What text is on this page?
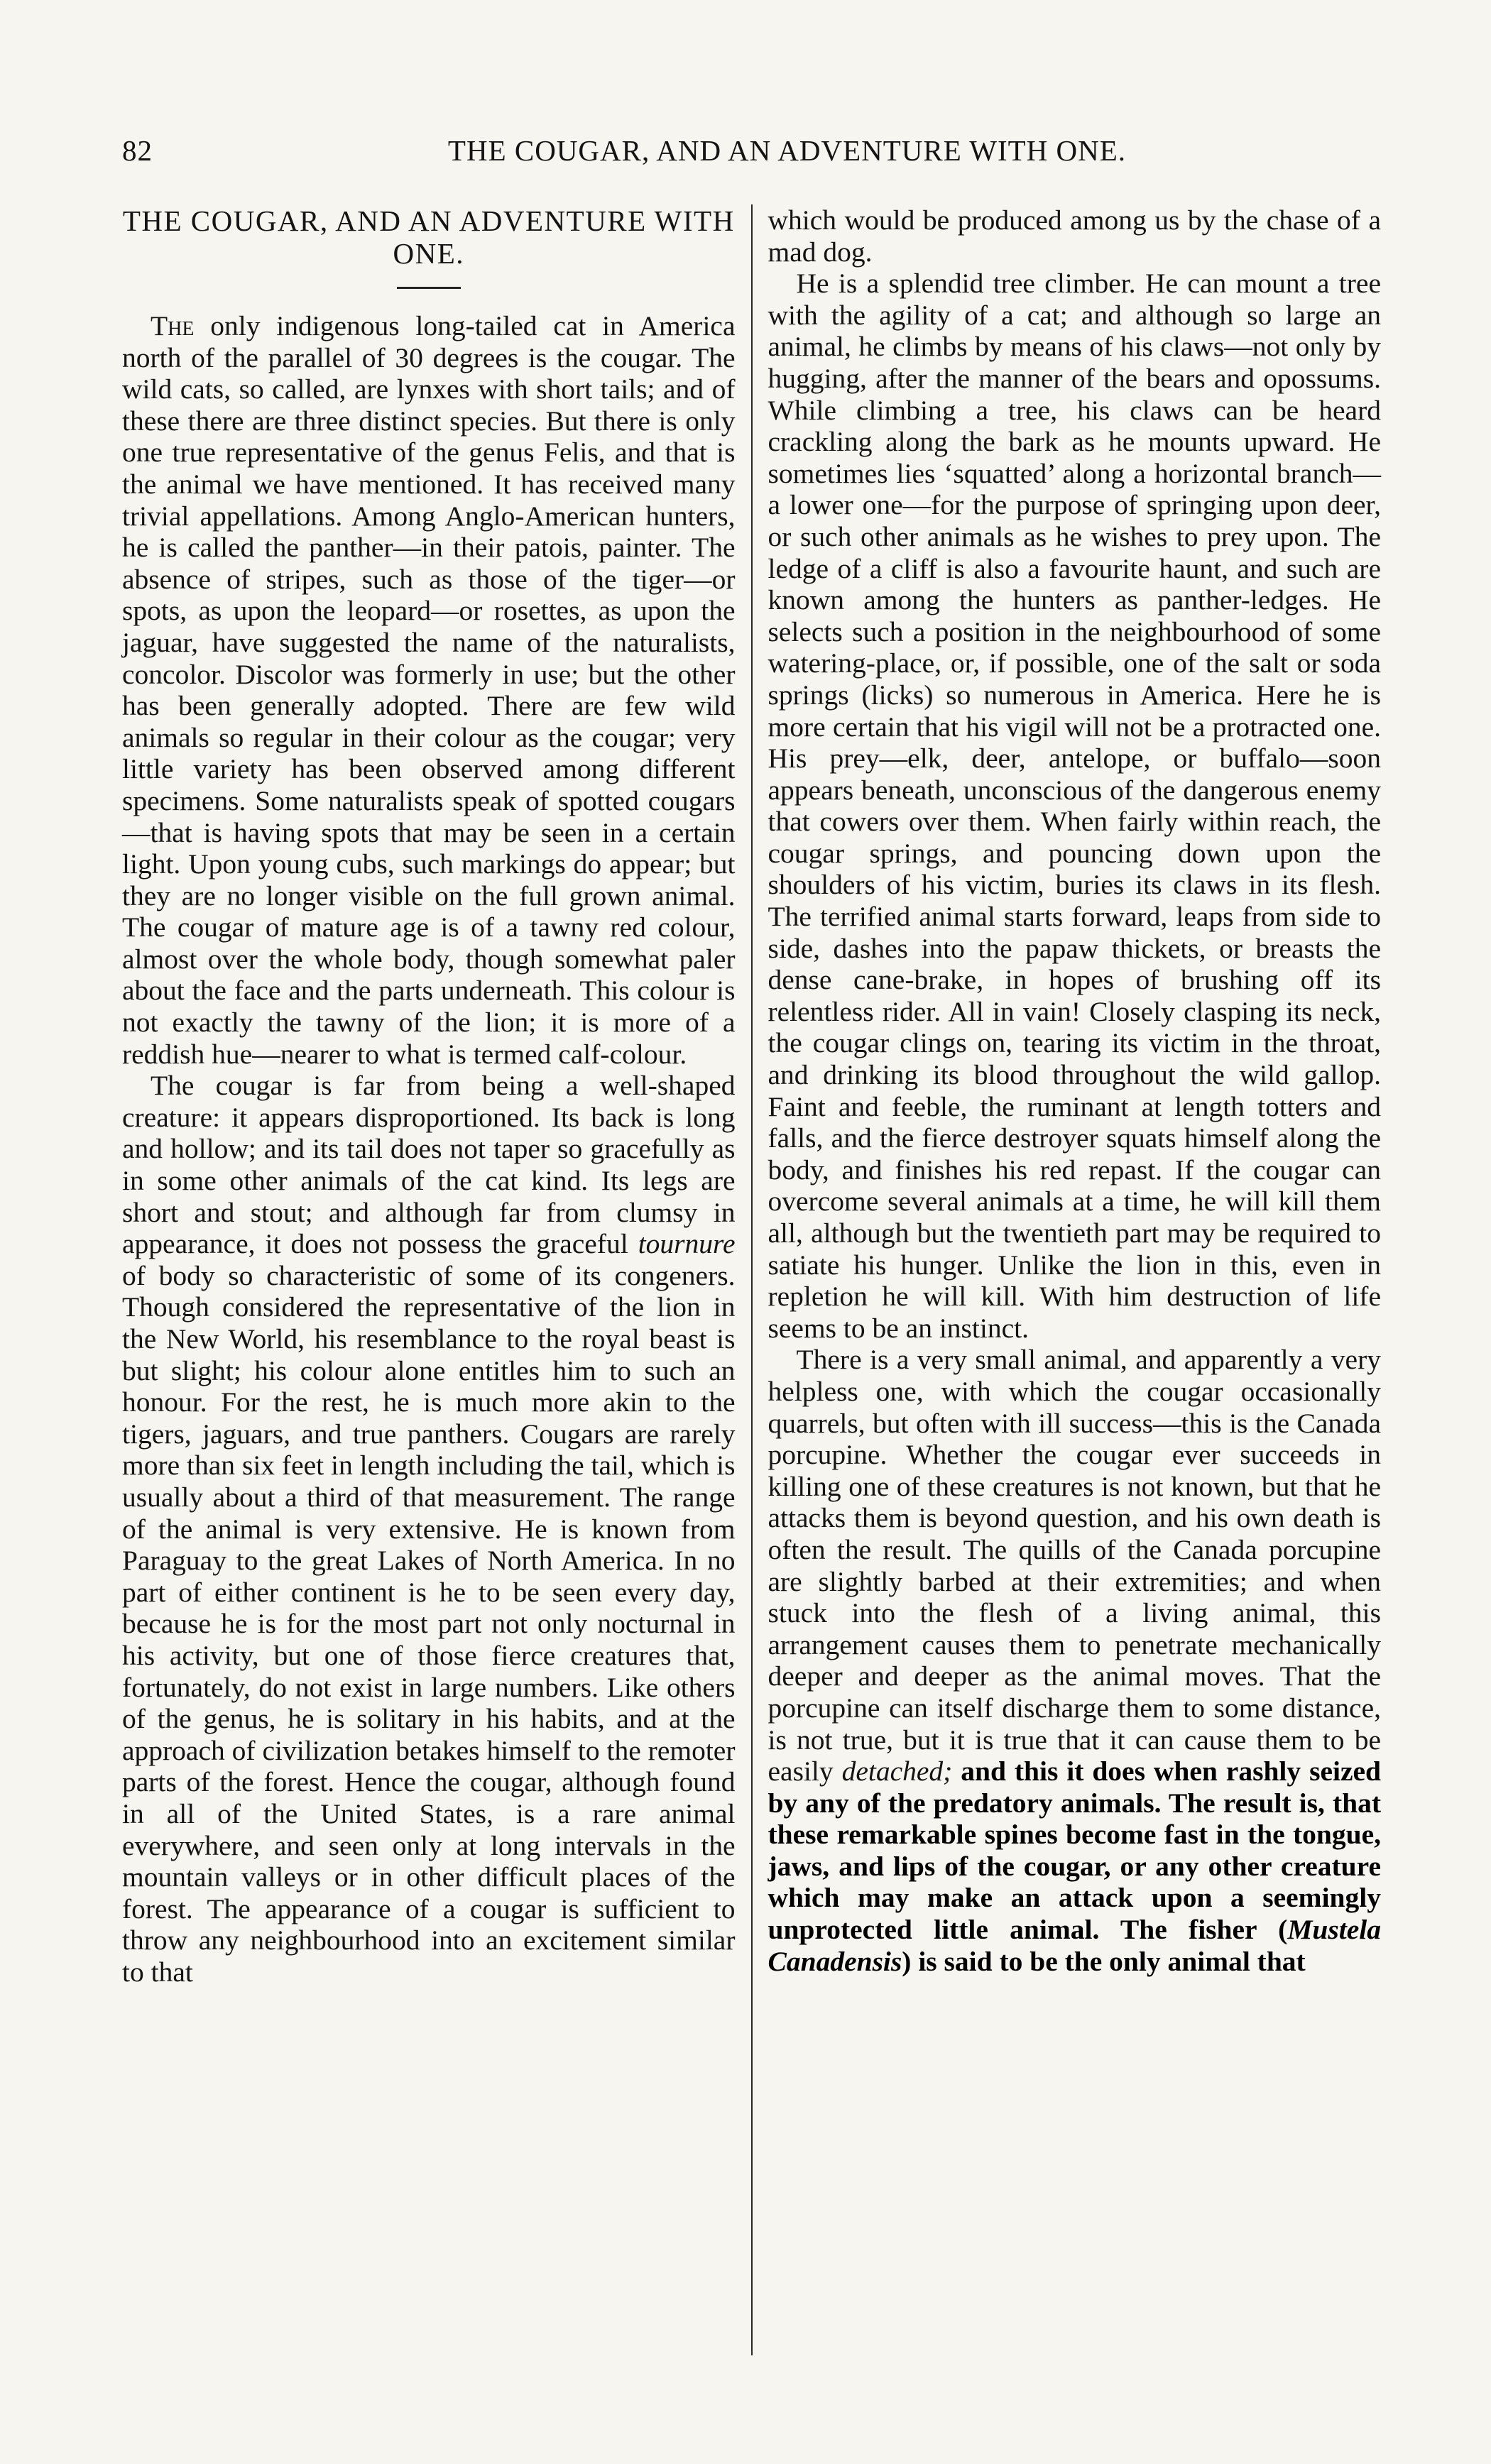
82	THE COUGAR, AND AN ADVENTURE WITH ONE.
THE COUGAR, AND AN ADVENTURE WITH ONE.

The only indigenous long-tailed cat in America north of the parallel of 30 degrees is the cougar. The wild cats, so called, are lynxes with short tails; and of these there are three distinct species. But there is only one true representative of the genus Felis, and that is the animal we have mentioned. It has received many trivial appellations. Among Anglo-American hunters, he is called the panther—in their patois, painter. The absence of stripes, such as those of the tiger—or spots, as upon the leopard—or rosettes, as upon the jaguar, have suggested the name of the naturalists, concolor. Discolor was formerly in use; but the other has been generally adopted. There are few wild animals so regular in their colour as the cougar; very little variety has been observed among different specimens. Some naturalists speak of spotted cougars—that is having spots that may be seen in a certain light. Upon young cubs, such markings do appear; but they are no longer visible on the full grown animal. The cougar of mature age is of a tawny red colour, almost over the whole body, though somewhat paler about the face and the parts underneath. This colour is not exactly the tawny of the lion; it is more of a reddish hue—nearer to what is termed calf-colour.

The cougar is far from being a well-shaped creature: it appears disproportioned. Its back is long and hollow; and its tail does not taper so gracefully as in some other animals of the cat kind. Its legs are short and stout; and although far from clumsy in appearance, it does not possess the graceful tournure of body so characteristic of some of its congeners. Though considered the representative of the lion in the New World, his resemblance to the royal beast is but slight; his colour alone entitles him to such an honour. For the rest, he is much more akin to the tigers, jaguars, and true panthers. Cougars are rarely more than six feet in length including the tail, which is usually about a third of that measurement. The range of the animal is very extensive. He is known from Paraguay to the great Lakes of North America. In no part of either continent is he to be seen every day, because he is for the most part not only nocturnal in his activity, but one of those fierce creatures that, fortunately, do not exist in large numbers. Like others of the genus, he is solitary in his habits, and at the approach of civilization betakes himself to the remoter parts of the forest. Hence the cougar, although found in all of the United States, is a rare animal everywhere, and seen only at long intervals in the mountain valleys or in other difficult places of the forest. The appearance of a cougar is sufficient to throw any neighbourhood into an excitement similar to that

which would be produced among us by the chase of a mad dog.

He is a splendid tree climber. He can mount a tree with the agility of a cat; and although so large an animal, he climbs by means of his claws—not only by hugging, after the manner of the bears and opossums. While climbing a tree, his claws can be heard crackling along the bark as he mounts upward. He sometimes lies ‘squatted’ along a horizontal branch—a lower one—for the purpose of springing upon deer, or such other animals as he wishes to prey upon. The ledge of a cliff is also a favourite haunt, and such are known among the hunters as panther-ledges. He selects such a position in the neighbourhood of some watering-place, or, if possible, one of the salt or soda springs (licks) so numerous in America. Here he is more certain that his vigil will not be a protracted one. His prey—elk, deer, antelope, or buffalo—soon appears beneath, unconscious of the dangerous enemy that cowers over them. When fairly within reach, the cougar springs, and pouncing down upon the shoulders of his victim, buries its claws in its flesh. The terrified animal starts forward, leaps from side to side, dashes into the papaw thickets, or breasts the dense cane-brake, in hopes of brushing off its relentless rider. All in vain! Closely clasping its neck, the cougar clings on, tearing its victim in the throat, and drinking its blood throughout the wild gallop. Faint and feeble, the ruminant at length totters and falls, and the fierce destroyer squats himself along the body, and finishes his red repast. If the cougar can overcome several animals at a time, he will kill them all, although but the twentieth part may be required to satiate his hunger. Unlike the lion in this, even in repletion he will kill. With him destruction of life seems to be an instinct.

There is a very small animal, and apparently a very helpless one, with which the cougar occasionally quarrels, but often with ill success—this is the Canada porcupine. Whether the cougar ever succeeds in killing one of these creatures is not known, but that he attacks them is beyond question, and his own death is often the result. The quills of the Canada porcupine are slightly barbed at their extremities; and when stuck into the flesh of a living animal, this arrangement causes them to penetrate mechanically deeper and deeper as the animal moves. That the porcupine can itself discharge them to some distance, is not true, but it is true that it can cause them to be easily detached; and this it does when rashly seized by any of the predatory animals. The result is, that these remarkable spines become fast in the tongue, jaws, and lips of the cougar, or any other creature which may make an attack upon a seemingly unprotected little animal. The fisher (Mustela Canadensis) is said to be the only animal that
